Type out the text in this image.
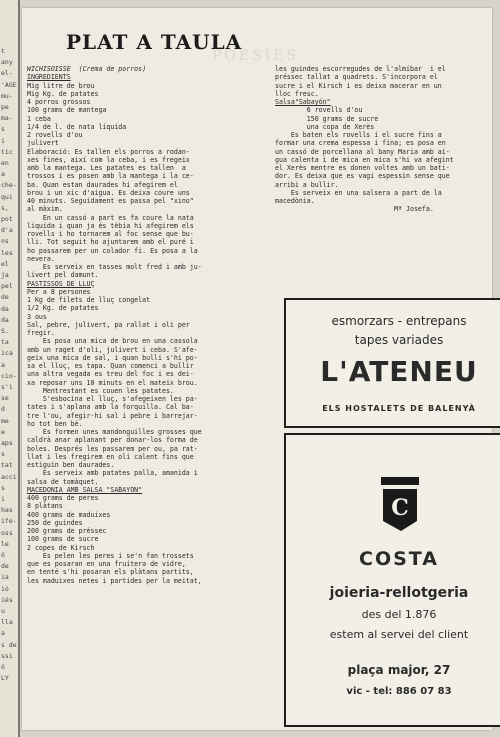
t
any
el-
'AGE
mu-
pe
ma-
s
i
tic
en
a
che-
qui
s,
pot
d'a
ns
les
el
ja
pel
de
da
da
S.
ta
ica
a
cio-
s'i
se
d
me
e
aps
s
tat
acci
s
i
has
ife-
oss
le
ó
de
ia
ió
iés
u
lla
a
s de
ssi
ó
LY
PLAT A TAULA
POESIES

WICHISOISSE  (Crema de porros)

INGREDIENTS

Mig litre de brou

Mig Kg. de patates

4 porros grossos

100 grams de mantega

1 ceba

1/4 de l. de nata líquida

2 rovells d'ou

julivert

Elaboració: Es tallen els porros a rodan-

xes fines, així com la ceba, i es fregeix

amb la mantega. Les patates es tallen  a

trossos i es posen amb la mantega i la ce-

ba. Quan estan daurades hi afegirem el

brou i un xic d'aigua. Es deixa coure uns

40 minuts. Seguidament es passa pel "xino"

al màxim.

En un cassó a part es fa coure la nata

líquida i quan ja és tèbia hi afegirem els

rovells i ho tornarem al foc sense que bu-

lli. Tot seguit ho ajuntarem amb el puré i

ho passarem per un colador fi. Es posa a la

nevera.

Es serveix en tasses molt fred i amb ju-

livert pel damunt.

PASTISSOS DE LLUÇ

Per a 8 persones

1 Kg de filets de lluç congelat

1/2 Kg. de patates

3 ous

Sal, pebre, julivert, pa rallat i oli per

fregir.

Es posa una mica de brou en una cassola

amb un raget d'oli, julivert i ceba. S'afe-

geix una mica de sal, i quan bulli s'hi po-

sa el lluç, es tapa. Quan comenci a bullir

una altra vegada es treu del foc i es dei-

xa reposar uns 10 minuts en el mateix brou.

Mentrestant es couen les patates.

S'esbocina el lluç, s'afegeixen les pa-

tates i s'aplana amb la forquilla. Cal ba-

tre l'ou, afegir-hi sal i pebre i barrejar-

ho tot ben bé.

Es formen unes mandonguilles grosses que

caldrà anar aplanant per donar-los forma de

boles. Després les passarem per ou, pa rat-

llat i les fregirem en oli calent fins que

estiguin ben daurades.

Es serveix amb patates palla, amanida i

salsa de tomàquet.

MACEDONIA AMB SALSA "SABAYON"

400 grams de peres

8 plàtans

400 grams de maduixes

250 de guindes

200 grams de préssec

100 grams de sucre

2 copes de Kirsch

Es pelen les peres i se'n fan trossets

que es posaran en una fruitera de vidre,

en tenté s'hi posaran els plàtans partits,

les maduixes netes i partides per la meitat,

les guindes escorregudes de l'almíbar  i el

préssec tallat a quadrets. S'incorpora el

sucre i el Kirsch i es deixa macerar en un

lloc fresc.

Salsa"Sabayón"

6 rovells d'ou

150 grams de sucre

una copa de Xerès

Es baten els rovells i el sucre fins a

formar una crema espessa i fina; es posa en

un cassó de porcellana al bany Maria amb ai-

gua calenta i de mica en mica s'hi va afegint

el Xerès mentre es donen voltes amb un bati-

dor. Es deixa que es vagi espessin sense que

arribi a bullir.

Es serveix en una salsera a part de la

macedònia.

Mª Josefa.

esmorzars - entrepans
tapes variades
L'ATENEU
ELS HOSTALETS DE BALENYÀ
C
COSTA
joieria-rellotgeria
des del 1.876
estem al servei del client
plaça major, 27
vic - tel: 886 07 83
